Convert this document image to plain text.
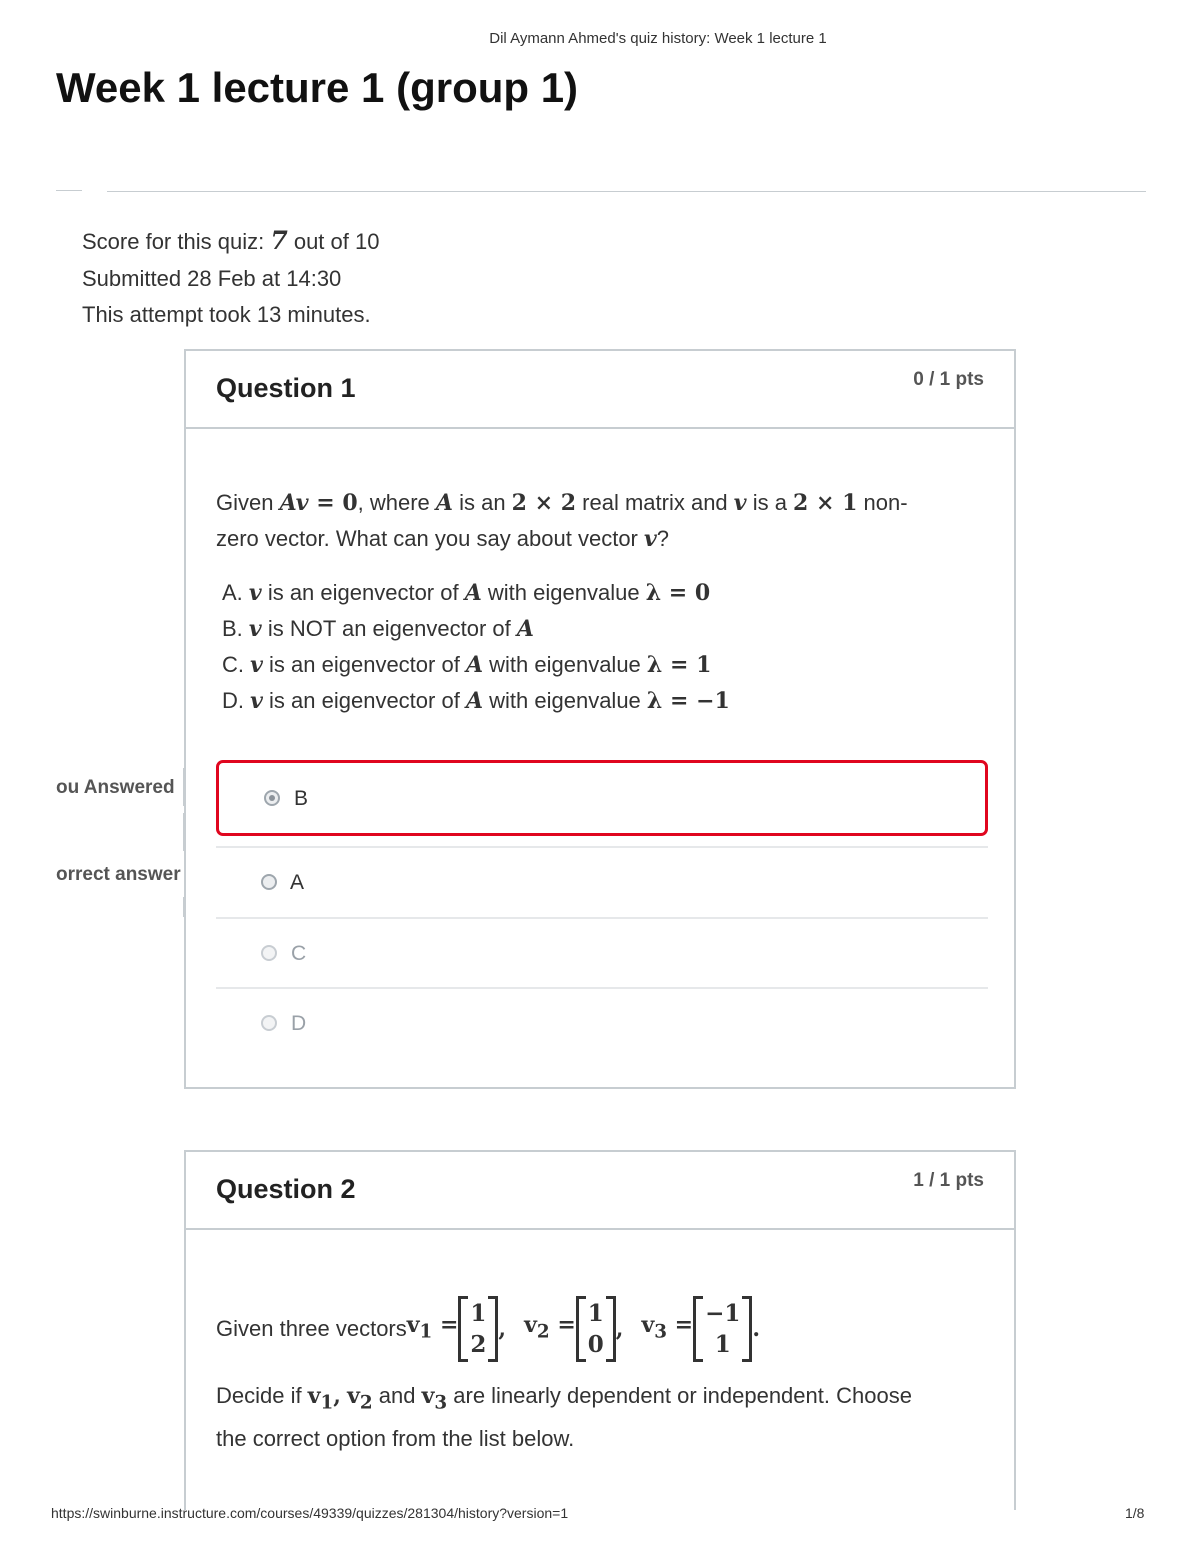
Dil Aymann Ahmed's quiz history: Week 1 lecture 1
Week 1 lecture 1 (group 1)
Score for this quiz: 7 out of 10
Submitted 28 Feb at 14:30
This attempt took 13 minutes.
Question 1	0 / 1 pts
Given Av = 0, where A is an 2 × 2 real matrix and v is a 2 × 1 non-
zero vector. What can you say about vector v?
A. v is an eigenvector of A with eigenvalue λ = 0
B. v is NOT an eigenvector of A
C. v is an eigenvector of A with eigenvalue λ = 1
D. v is an eigenvector of A with eigenvalue λ = −1
B
A
C
D
ou Answered
orrect answer
Question 2	1 / 1 pts
Given three vectors $v_1 = 1$
2
, $v_2 = 1$
0
, $v_3 = -1$
1
.
Decide if $v_1$, $v_2$ and $v_3$ are linearly dependent or independent. Choose
the correct option from the list below.
https://swinburne.instructure.com/courses/49339/quizzes/281304/history?version=1	1/8
